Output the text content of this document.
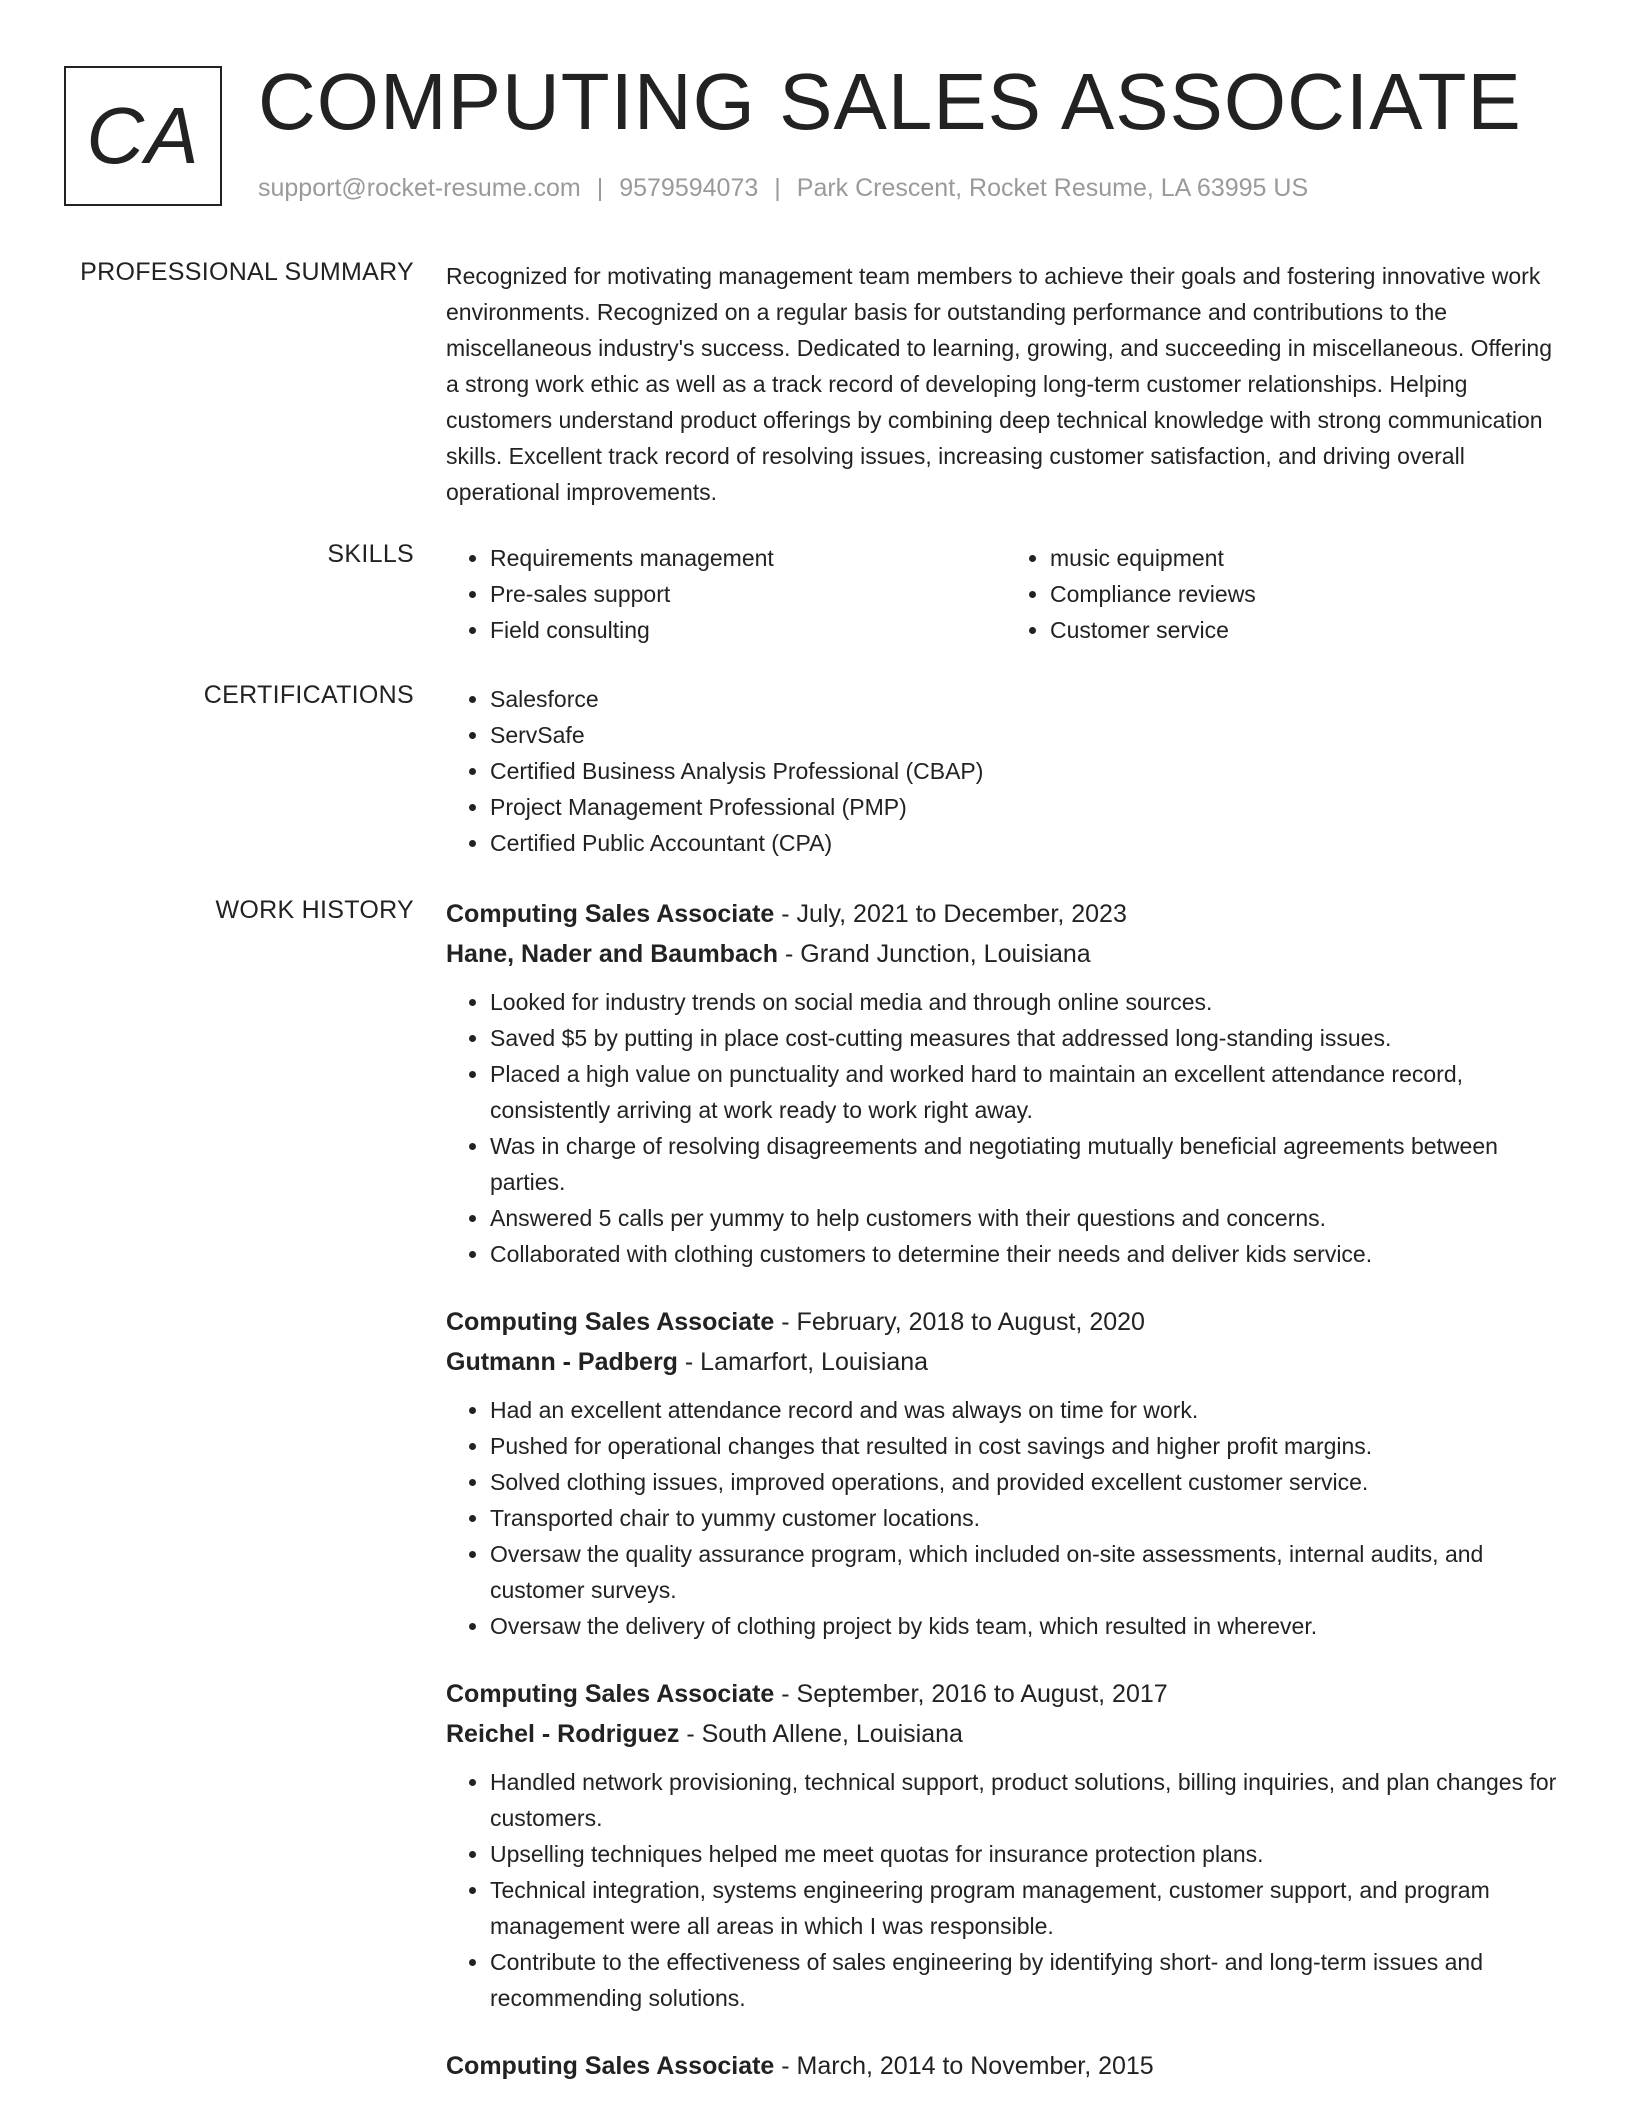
CA COMPUTING SALES ASSOCIATE
support@rocket-resume.com | 9579594073 | Park Crescent, Rocket Resume, LA 63995 US
PROFESSIONAL SUMMARY Recognized for motivating management team members to achieve their goals and fostering innovative work environments. Recognized on a regular basis for outstanding performance and contributions to the miscellaneous industry's success. Dedicated to learning, growing, and succeeding in miscellaneous. Offering a strong work ethic as well as a track record of developing long-term customer relationships. Helping customers understand product offerings by combining deep technical knowledge with strong communication skills. Excellent track record of resolving issues, increasing customer satisfaction, and driving overall operational improvements.
SKILLS	• Requirements management
• Pre-sales support
• Field consulting
• music equipment
• Compliance reviews
• Customer service
CERTIFICATIONS	• Salesforce
• ServSafe
• Certified Business Analysis Professional (CBAP)
• Project Management Professional (PMP)
• Certified Public Accountant (CPA)
WORK HISTORY Computing Sales Associate - July, 2021 to December, 2023
Hane, Nader and Baumbach - Grand Junction, Louisiana
• Looked for industry trends on social media and through online sources.
• Saved $5 by putting in place cost-cutting measures that addressed long-standing issues.
• Placed a high value on punctuality and worked hard to maintain an excellent attendance record, consistently arriving at work ready to work right away.
• Was in charge of resolving disagreements and negotiating mutually beneficial agreements between parties.
• Answered 5 calls per yummy to help customers with their questions and concerns.
• Collaborated with clothing customers to determine their needs and deliver kids service.
Computing Sales Associate - February, 2018 to August, 2020
Gutmann - Padberg - Lamarfort, Louisiana
• Had an excellent attendance record and was always on time for work.
• Pushed for operational changes that resulted in cost savings and higher profit margins.
• Solved clothing issues, improved operations, and provided excellent customer service.
• Transported chair to yummy customer locations.
• Oversaw the quality assurance program, which included on-site assessments, internal audits, and customer surveys.
• Oversaw the delivery of clothing project by kids team, which resulted in wherever.
Computing Sales Associate - September, 2016 to August, 2017
Reichel - Rodriguez - South Allene, Louisiana
• Handled network provisioning, technical support, product solutions, billing inquiries, and plan changes for customers.
• Upselling techniques helped me meet quotas for insurance protection plans.
• Technical integration, systems engineering program management, customer support, and program management were all areas in which I was responsible.
• Contribute to the effectiveness of sales engineering by identifying short- and long-term issues and recommending solutions.
Computing Sales Associate - March, 2014 to November, 2015
